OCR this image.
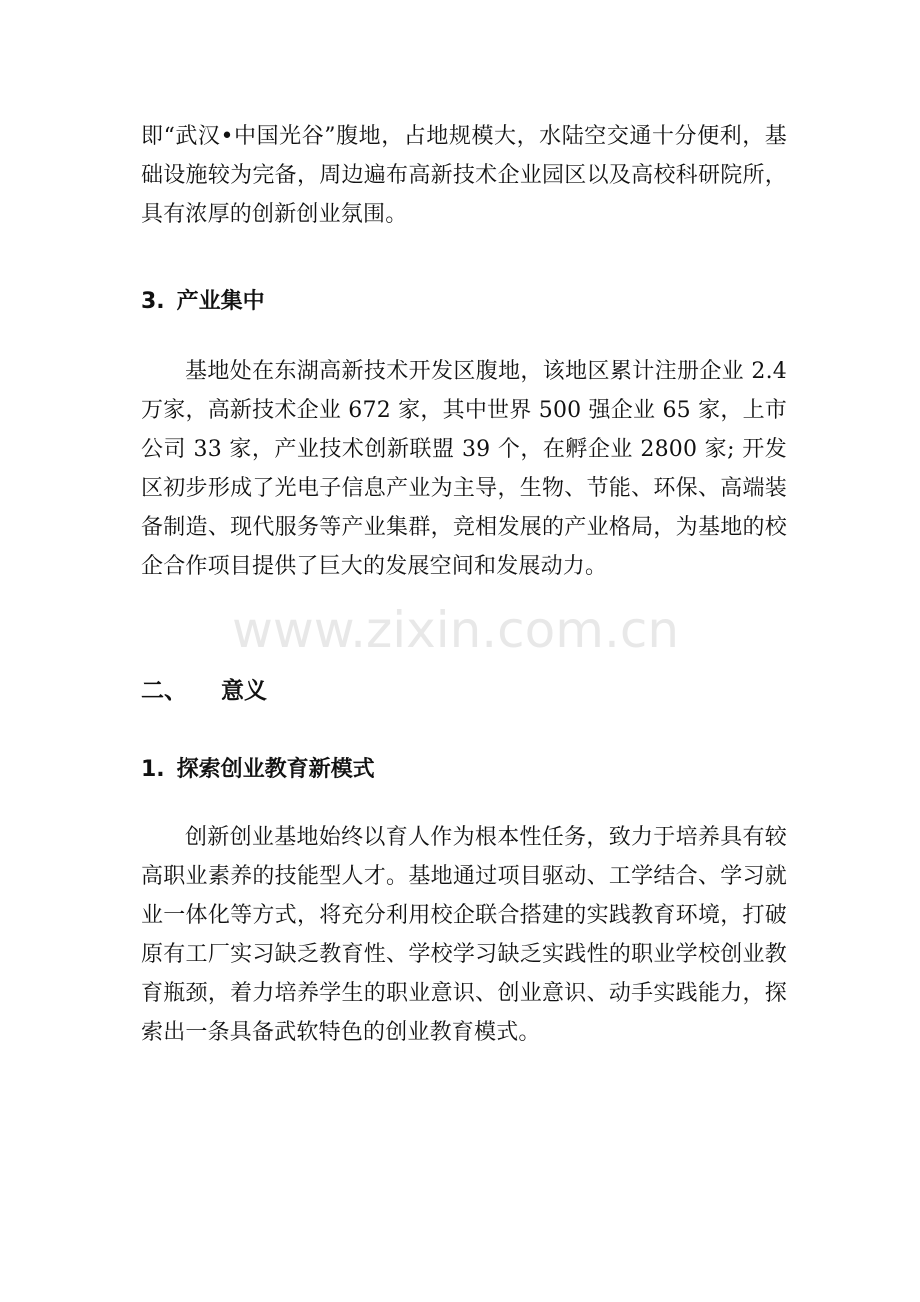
即“武汉•中国光谷”腹地，占地规模大，水陆空交通十分便利，基础设施较为完备，周边遍布高新技术企业园区以及高校科研院所，具有浓厚的创新创业氛围。

3. 产业集中

基地处在东湖高新技术开发区腹地，该地区累计注册企业 2.4 万家，高新技术企业 672 家，其中世界 500 强企业 65 家，上市公司 33 家，产业技术创新联盟 39 个，在孵企业 2800 家; 开发区初步形成了光电子信息产业为主导，生物、节能、环保、高端装备制造、现代服务等产业集群，竞相发展的产业格局，为基地的校企合作项目提供了巨大的发展空间和发展动力。

www.zixin.com.cn
二、 意义
1. 探索创业教育新模式

创新创业基地始终以育人作为根本性任务，致力于培养具有较高职业素养的技能型人才。基地通过项目驱动、工学结合、学习就业一体化等方式，将充分利用校企联合搭建的实践教育环境，打破原有工厂实习缺乏教育性、学校学习缺乏实践性的职业学校创业教育瓶颈，着力培养学生的职业意识、创业意识、动手实践能力，探索出一条具备武软特色的创业教育模式。
